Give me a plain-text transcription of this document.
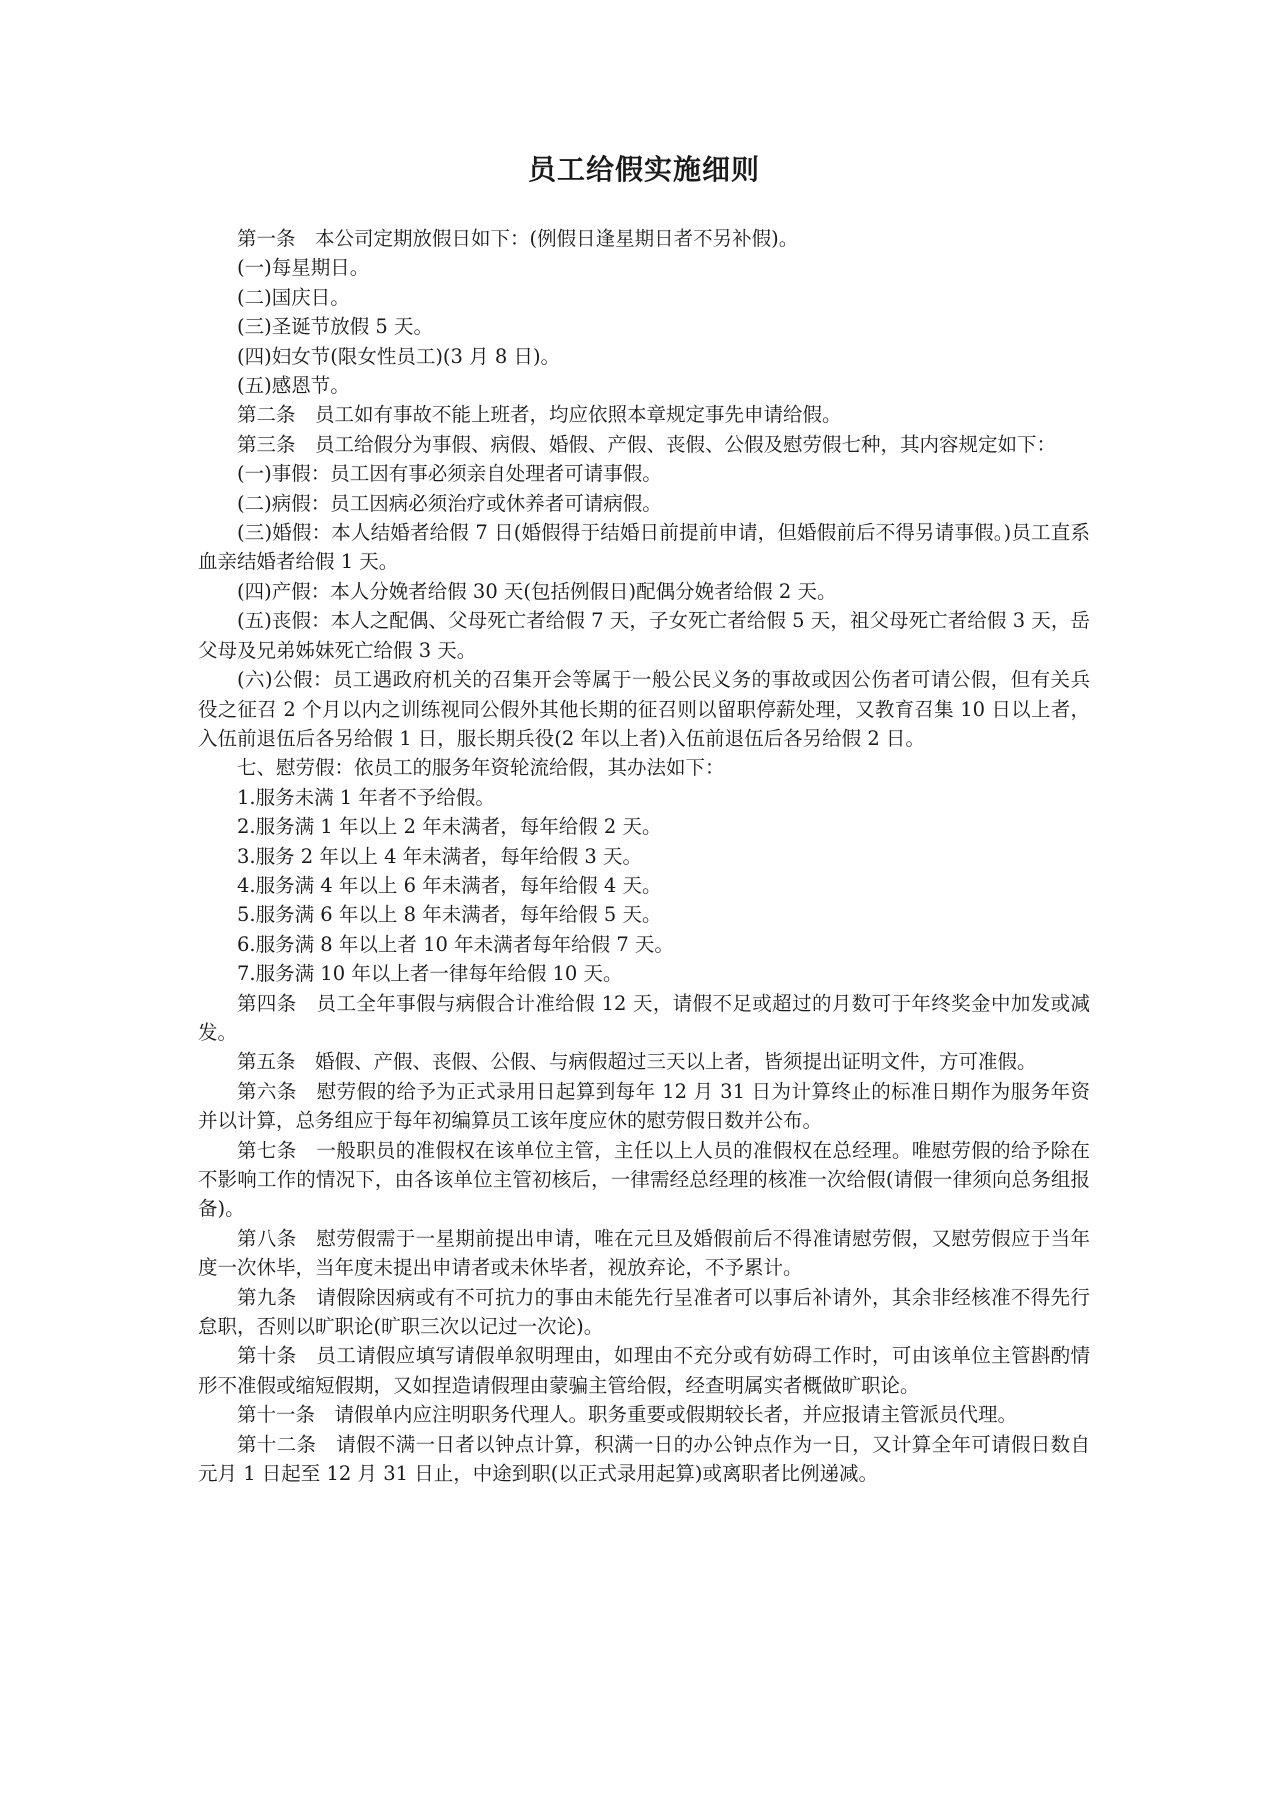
员工给假实施细则

第一条　本公司定期放假日如下：(例假日逢星期日者不另补假)。

(一)每星期日。

(二)国庆日。

(三)圣诞节放假 5 天。

(四)妇女节(限女性员工)(3 月 8 日)。

(五)感恩节。

第二条　员工如有事故不能上班者，均应依照本章规定事先申请给假。

第三条　员工给假分为事假、病假、婚假、产假、丧假、公假及慰劳假七种，其内容规定如下：

(一)事假：员工因有事必须亲自处理者可请事假。

(二)病假：员工因病必须治疗或休养者可请病假。

(三)婚假：本人结婚者给假 7 日(婚假得于结婚日前提前申请，但婚假前后不得另请事假。)员工直系血亲结婚者给假 1 天。

(四)产假：本人分娩者给假 30 天(包括例假日)配偶分娩者给假 2 天。

(五)丧假：本人之配偶、父母死亡者给假 7 天，子女死亡者给假 5 天，祖父母死亡者给假 3 天，岳父母及兄弟姊妹死亡给假 3 天。

(六)公假：员工遇政府机关的召集开会等属于一般公民义务的事故或因公伤者可请公假，但有关兵役之征召 2 个月以内之训练视同公假外其他长期的征召则以留职停薪处理，又教育召集 10 日以上者，入伍前退伍后各另给假 1 日，服长期兵役(2 年以上者)入伍前退伍后各另给假 2 日。

七、慰劳假：依员工的服务年资轮流给假，其办法如下：

1.服务未满 1 年者不予给假。

2.服务满 1 年以上 2 年未满者，每年给假 2 天。

3.服务 2 年以上 4 年未满者，每年给假 3 天。

4.服务满 4 年以上 6 年未满者，每年给假 4 天。

5.服务满 6 年以上 8 年未满者，每年给假 5 天。

6.服务满 8 年以上者 10 年未满者每年给假 7 天。

7.服务满 10 年以上者一律每年给假 10 天。

第四条　员工全年事假与病假合计准给假 12 天，请假不足或超过的月数可于年终奖金中加发或减发。

第五条　婚假、产假、丧假、公假、与病假超过三天以上者，皆须提出证明文件，方可准假。

第六条　慰劳假的给予为正式录用日起算到每年 12 月 31 日为计算终止的标准日期作为服务年资并以计算，总务组应于每年初编算员工该年度应休的慰劳假日数并公布。

第七条　一般职员的准假权在该单位主管，主任以上人员的准假权在总经理。唯慰劳假的给予除在不影响工作的情况下，由各该单位主管初核后，一律需经总经理的核准一次给假(请假一律须向总务组报备)。

第八条　慰劳假需于一星期前提出申请，唯在元旦及婚假前后不得准请慰劳假，又慰劳假应于当年度一次休毕，当年度未提出申请者或未休毕者，视放弃论，不予累计。

第九条　请假除因病或有不可抗力的事由未能先行呈准者可以事后补请外，其余非经核准不得先行怠职，否则以旷职论(旷职三次以记过一次论)。

第十条　员工请假应填写请假单叙明理由，如理由不充分或有妨碍工作时，可由该单位主管斟酌情形不准假或缩短假期，又如捏造请假理由蒙骗主管给假，经查明属实者概做旷职论。

第十一条　请假单内应注明职务代理人。职务重要或假期较长者，并应报请主管派员代理。

第十二条　请假不满一日者以钟点计算，积满一日的办公钟点作为一日，又计算全年可请假日数自元月 1 日起至 12 月 31 日止，中途到职(以正式录用起算)或离职者比例递减。
